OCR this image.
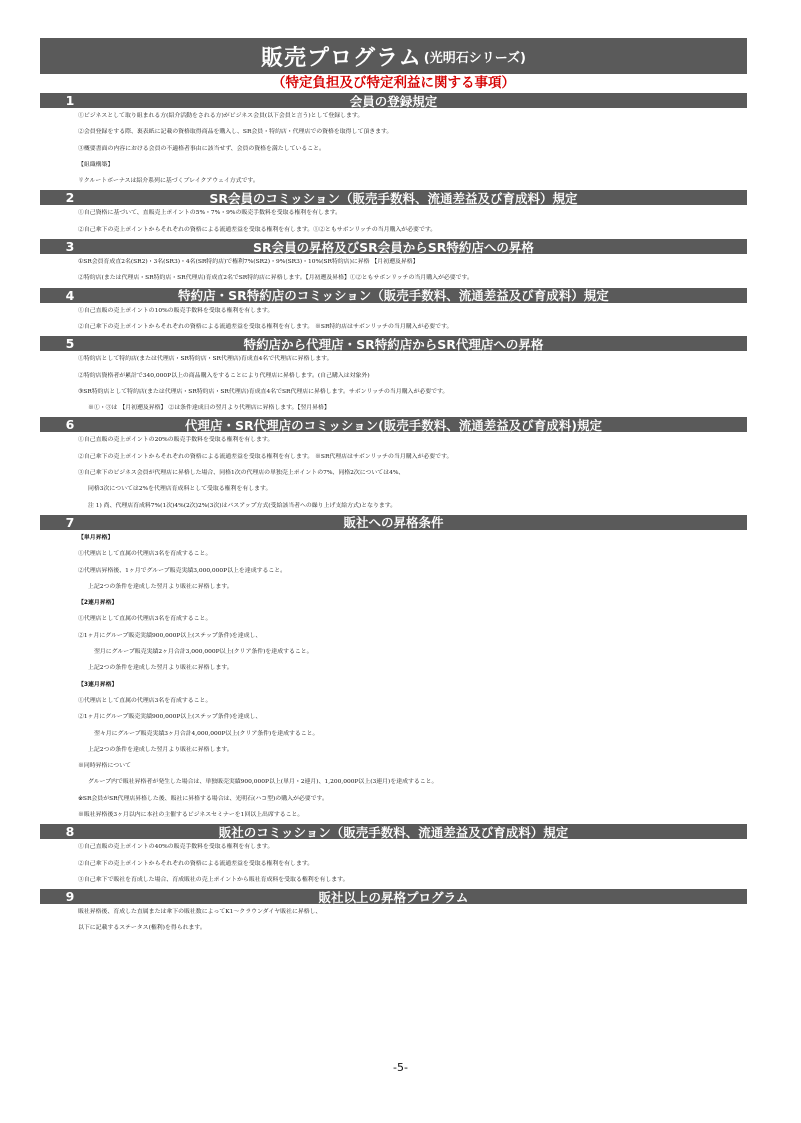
販売プログラム (光明石シリーズ)
（特定負担及び特定利益に関する事項）
1	会員の登録規定
①ビジネスとして取り組まれる方(紹介活動をされる方)がビジネス会員(以下会員と言う)として登録します。
②会員登録をする際、裏表紙に記載の資格取得商品を購入し、SR会員・特約店・代理店での資格を取得して頂きます。
③概要書面の内容における会員の不適格者事由に該当せず、会員の資格を満たしていること。
【組織構築】
リクルートボーナスは紹介系列に基づくブレイクアウェイ方式です。
2	SR会員のコミッション（販売手数料、流通差益及び育成料）規定
①自己資格に基づいて、直販売上ポイントの5%・7%・9%の販売手数料を受取る権利を有します。
②自己傘下の売上ポイントからそれぞれの資格による流通差益を受取る権利を有します。①②ともサボンリッチの当月購入が必要です。
3	SR会員の昇格及びSR会員からSR特約店への昇格
①SR会員育成直2名(SR2)・3名(SR3)・4名(SR特約店)で権利7%(SR2)・9%(SR3)・10%(SR特約店)に昇格 【月初遡及昇格】
②特約店(または代理店・SR特約店・SR代理店)育成直2名でSR特約店に昇格します。【月初遡及昇格】①②ともサボンリッチの当月購入が必要です。
4	特約店・SR特約店のコミッション（販売手数料、流通差益及び育成料）規定
①自己直販の売上ポイントの10%の販売手数料を受取る権利を有します。
②自己傘下の売上ポイントからそれぞれの資格による流通差益を受取る権利を有します。 ※SR特約店はサボンリッチの当月購入が必要です。
5	特約店から代理店・SR特約店からSR代理店への昇格
①特約店として特約店(または代理店・SR特約店・SR代理店)育成直4名で代理店に昇格します。
②特約店資格者が累計で340,000P以上の商品購入をすることにより代理店に昇格します。(自己購入は対象外)
③SR特約店として特約店(または代理店・SR特約店・SR代理店)育成直4名でSR代理店に昇格します。サボンリッチの当月購入が必要です。
※①・③は 【月初遡及昇格】 ②は条件達成日の翌月より代理店に昇格します。【翌月昇格】
6	代理店・SR代理店のコミッション(販売手数料、流通差益及び育成料)規定
①自己直販の売上ポイントの20%の販売手数料を受取る権利を有します。
②自己傘下の売上ポイントからそれぞれの資格による流通差益を受取る権利を有します。 ※SR代理店はサボンリッチの当月購入が必要です。
③自己傘下のビジネス会員が代理店に昇格した場合、同格1次の代理店の単独売上ポイントの7%、同格2次については4%、
同格3次については2%を代理店育成料として受取る権利を有します。
注 1) 尚、代理店育成料7%(1次)4%(2次)2%(3次)はパスアップ方式(受給該当者への繰り上げ支給方式)となります。
7	販社への昇格条件
【単月昇格】
①代理店として直属の代理店3名を育成すること。
②代理店昇格後、1ヶ月でグループ販売実績3,000,000P以上を達成すること。
上記2つの条件を達成した翌月より販社に昇格します。
【2連月昇格】
①代理店として直属の代理店3名を育成すること。
②1ヶ月にグループ販売実績900,000P以上(ステップ条件)を達成し、
翌月にグループ販売実績2ヶ月合計3,000,000P以上(クリア条件)を達成すること。
上記2つの条件を達成した翌月より販社に昇格します。
【3連月昇格】
①代理店として直属の代理店3名を育成すること。
②1ヶ月にグループ販売実績900,000P以上(ステップ条件)を達成し、
翌々月にグループ販売実績3ヶ月合計4,000,000P以上(クリア条件)を達成すること。
上記2つの条件を達成した翌月より販社に昇格します。
※同時昇格について
グループ内で販社昇格者が発生した場合は、単独販売実績900,000P以上(単月・2連月)、1,200,000P以上(3連月)を達成すること。
※SR会員がSR代理店昇格した後、販社に昇格する場合は、光明石(ハコ型)の購入が必要です。
※販社昇格後3ヶ月以内に本社の主催するビジネスセミナーを1回以上出席すること。
8	販社のコミッション（販売手数料、流通差益及び育成料）規定
①自己直販の売上ポイントの40%の販売手数料を受取る権利を有します。
②自己傘下の売上ポイントからそれぞれの資格による流通差益を受取る権利を有します。
③自己傘下で販社を育成した場合、育成販社の売上ポイントから販社育成料を受取る権利を有します。
9	販社以上の昇格プログラム
販社昇格後、育成した直属または傘下の販社数によってK1～クラウンダイヤ販社に昇格し、
以下に記載するステータス(権利)を得られます。
-5-
